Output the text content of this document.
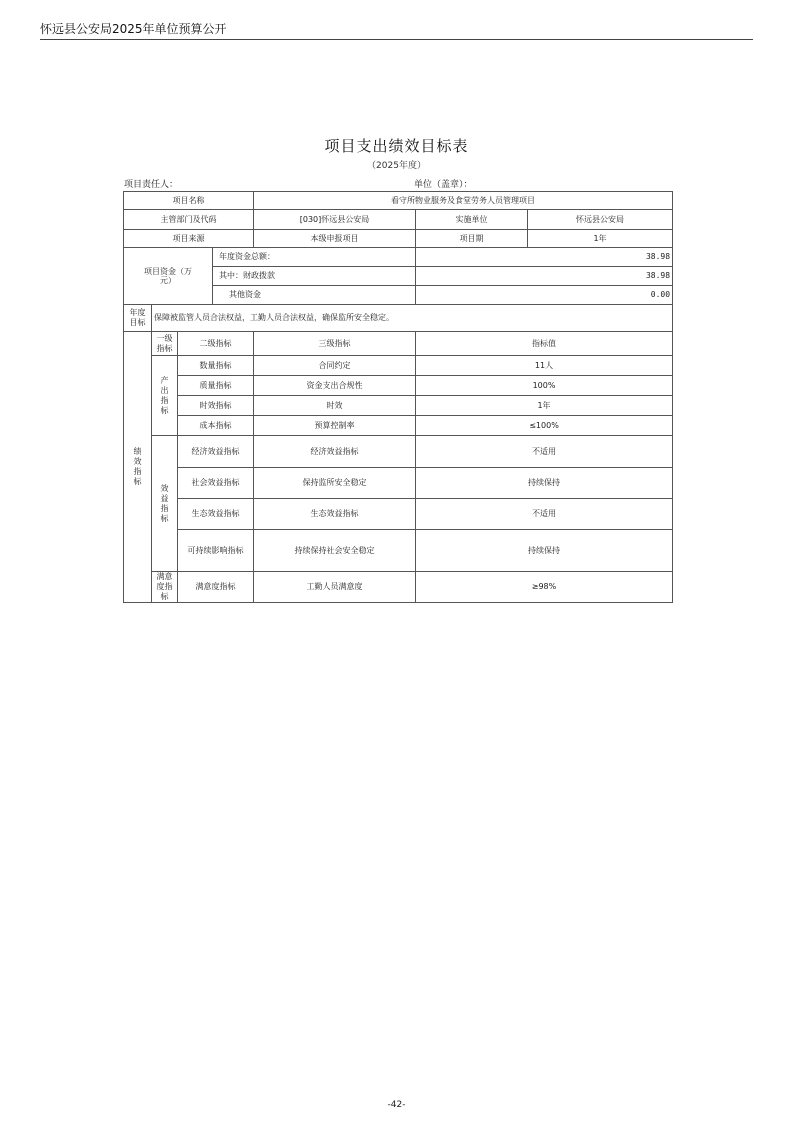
怀远县公安局2025年单位预算公开
项目支出绩效目标表
（2025年度）
项目责任人：	单位（盖章）：
项目名称				看守所物业服务及食堂劳务人员管理项目		
主管部门及代码				[030]怀远县公安局	实施单位	怀远县公安局
项目来源				本级申报项目	项目期	1年
项目资金（万元）			年度资金总额：		38.98	
			其中：财政拨款		38.98	
			其他资金		0.00	
年度目标	保障被监管人员合法权益，工勤人员合法权益，确保监所安全稳定。					
绩效指标	一级指标	二级指标		三级指标	指标值	
	产出指标	数量指标		合同约定	11人	
		质量指标		资金支出合规性	100%	
		时效指标		时效	1年	
		成本指标		预算控制率	≤100%	
	效益指标	经济效益指标		经济效益指标	不适用	
		社会效益指标		保持监所安全稳定	持续保持	
		生态效益指标		生态效益指标	不适用	
		可持续影响指标		持续保持社会安全稳定	持续保持	
	满意度指标	满意度指标		工勤人员满意度	≥98%	
-42-
